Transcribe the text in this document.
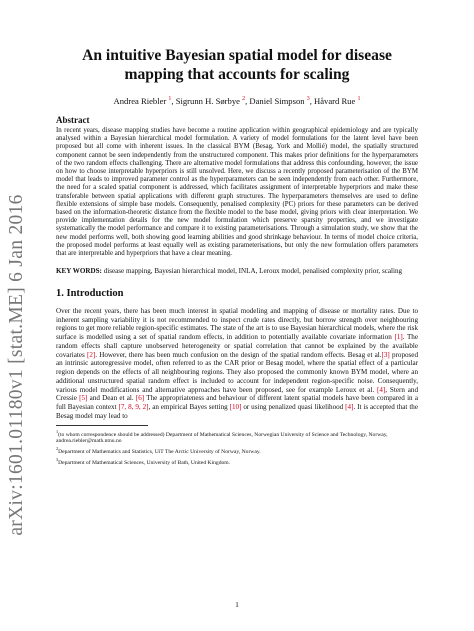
arXiv:1601.01180v1 [stat.ME] 6 Jan 2016
An intuitive Bayesian spatial model for disease mapping that accounts for scaling
Andrea Riebler $^1$, Sigrunn H. Sørbye $^2$, Daniel Simpson $^3$, Håvard Rue $^1$
Abstract
In recent years, disease mapping studies have become a routine application within geographical epidemiology and are typically analysed within a Bayesian hierarchical model formulation. A variety of model formulations for the latent level have been proposed but all come with inherent issues. In the classical BYM (Besag, York and Mollié) model, the spatially structured component cannot be seen independently from the unstructured component. This makes prior definitions for the hyperparameters of the two random effects challenging. There are alternative model formulations that address this confounding, however, the issue on how to choose interpretable hyperpriors is still unsolved. Here, we discuss a recently proposed parameterisation of the BYM model that leads to improved parameter control as the hyperparameters can be seen independently from each other. Furthermore, the need for a scaled spatial component is addressed, which facilitates assignment of interpretable hyperpriors and make these transferable between spatial applications with different graph structures. The hyperparameters themselves are used to define flexible extensions of simple base models. Consequently, penalised complexity (PC) priors for these parameters can be derived based on the information-theoretic distance from the flexible model to the base model, giving priors with clear interpretation. We provide implementation details for the new model formulation which preserve sparsity properties, and we investigate systematically the model performance and compare it to existing parameterisations. Through a simulation study, we show that the new model performs well, both showing good learning abilities and good shrinkage behaviour. In terms of model choice criteria, the proposed model performs at least equally well as existing parameterisations, but only the new formulation offers parameters that are interpretable and hyperpriors that have a clear meaning.
KEY WORDS: disease mapping, Bayesian hierarchical model, INLA, Leroux model, penalised complexity prior, scaling
1. Introduction
Over the recent years, there has been much interest in spatial modeling and mapping of disease or mortality rates. Due to inherent sampling variability it is not recommended to inspect crude rates directly, but borrow strength over neighbouring regions to get more reliable region-specific estimates. The state of the art is to use Bayesian hierarchical models, where the risk surface is modelled using a set of spatial random effects, in addition to potentially available covariate information [1]. The random effects shall capture unobserved heterogeneity or spatial correlation that cannot be explained by the available covariates [2]. However, there has been much confusion on the design of the spatial random effects. Besag et al.[3] proposed an intrinsic autoregressive model, often referred to as the CAR prior or Besag model, where the spatial effect of a particular region depends on the effects of all neighbouring regions. They also proposed the commonly known BYM model, where an additional unstructured spatial random effect is included to account for independent region-specific noise. Consequently, various model modifications and alternative approaches have been proposed, see for example Leroux et al. [4], Stern and Cressie [5] and Dean et al. [6] The appropriateness and behaviour of different latent spatial models have been compared in a full Bayesian context [7, 8, 9, 2], an empirical Bayes setting [10] or using penalized quasi likelihood [4]. It is accepted that the Besag model may lead to
$^1$(to whom correspondence should be addressed) Department of Mathematical Sciences, Norwegian University of Science and Technology, Norway, andrea.riebler@math.ntnu.no
$^2$Department of Mathematics and Statistics, UiT The Arctic University of Norway, Norway.
$^3$Department of Mathematical Sciences, University of Bath, United Kingdom.
1
